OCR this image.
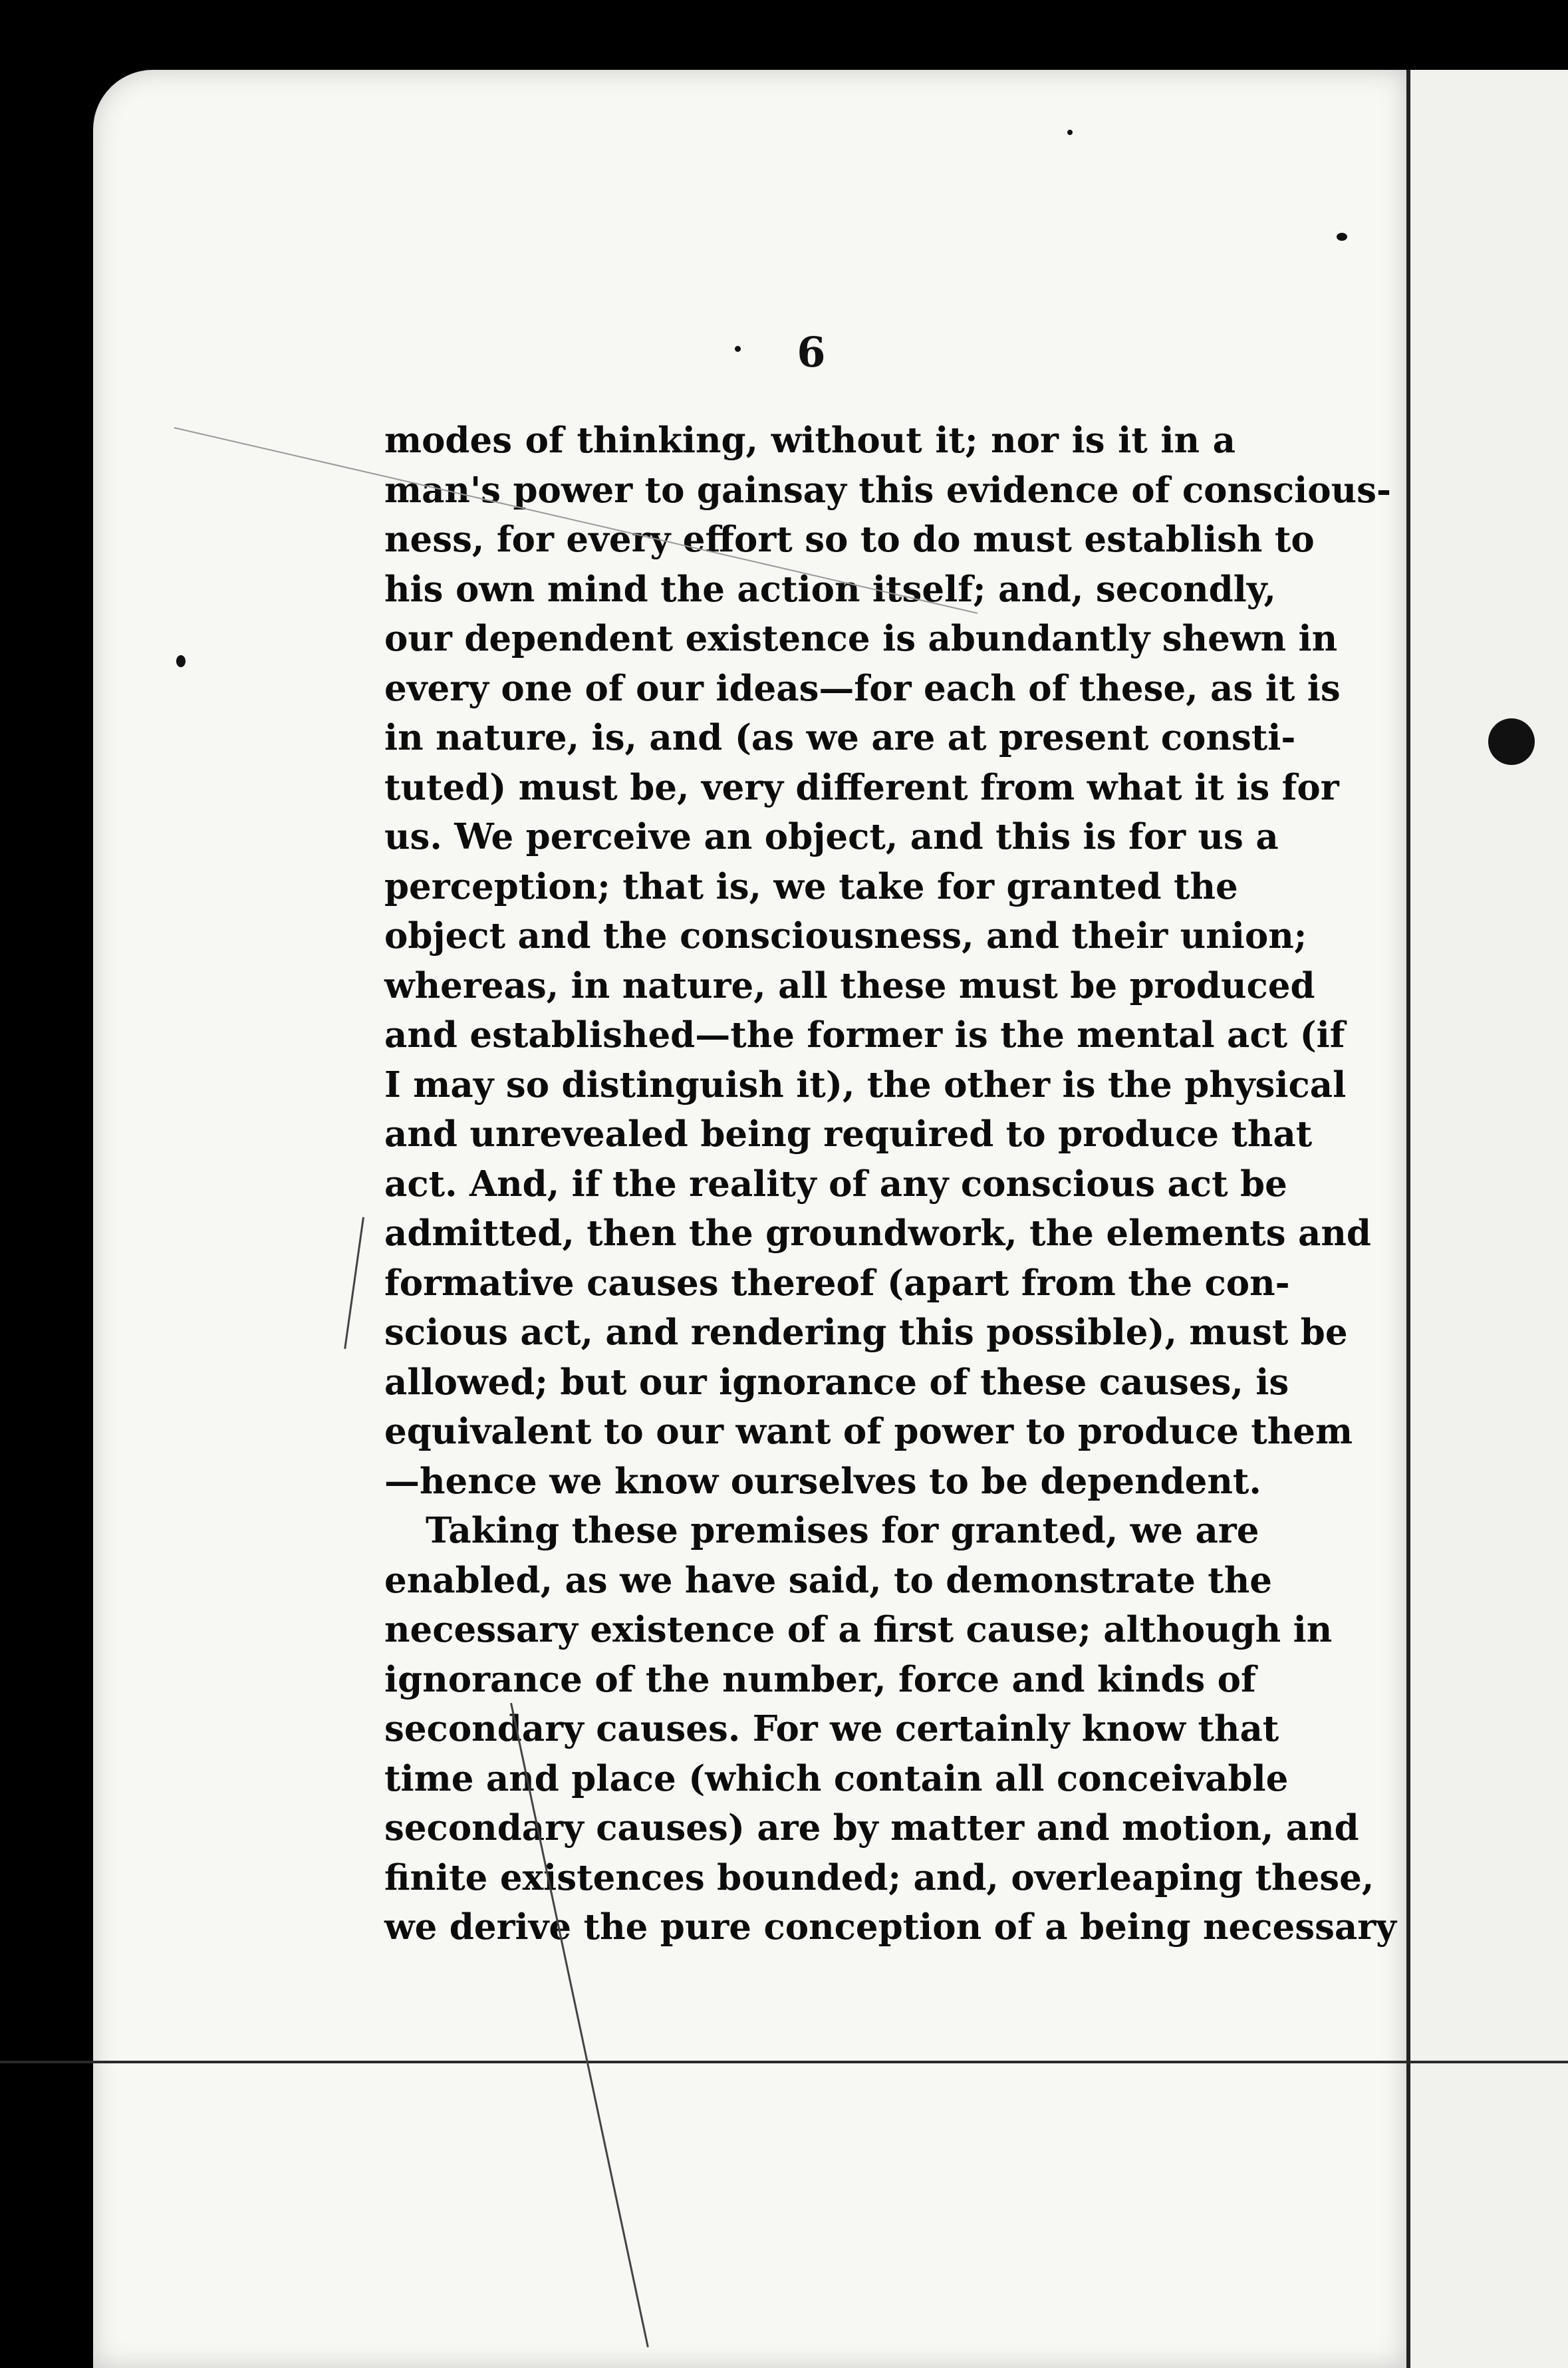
6
modes of thinking, without it; nor is it in a
man's power to gainsay this evidence of conscious-
ness, for every effort so to do must establish to
his own mind the action itself; and, secondly,
our dependent existence is abundantly shewn in
every one of our ideas—for each of these, as it is
in nature, is, and (as we are at present consti-
tuted) must be, very different from what it is for
us. We perceive an object, and this is for us a
perception; that is, we take for granted the
object and the consciousness, and their union;
whereas, in nature, all these must be produced
and established—the former is the mental act (if
I may so distinguish it), the other is the physical
and unrevealed being required to produce that
act. And, if the reality of any conscious act be
admitted, then the groundwork, the elements and
formative causes thereof (apart from the con-
scious act, and rendering this possible), must be
allowed; but our ignorance of these causes, is
equivalent to our want of power to produce them
—hence we know ourselves to be dependent.
Taking these premises for granted, we are
enabled, as we have said, to demonstrate the
necessary existence of a first cause; although in
ignorance of the number, force and kinds of
secondary causes. For we certainly know that
time and place (which contain all conceivable
secondary causes) are by matter and motion, and
finite existences bounded; and, overleaping these,
we derive the pure conception of a being necessary
